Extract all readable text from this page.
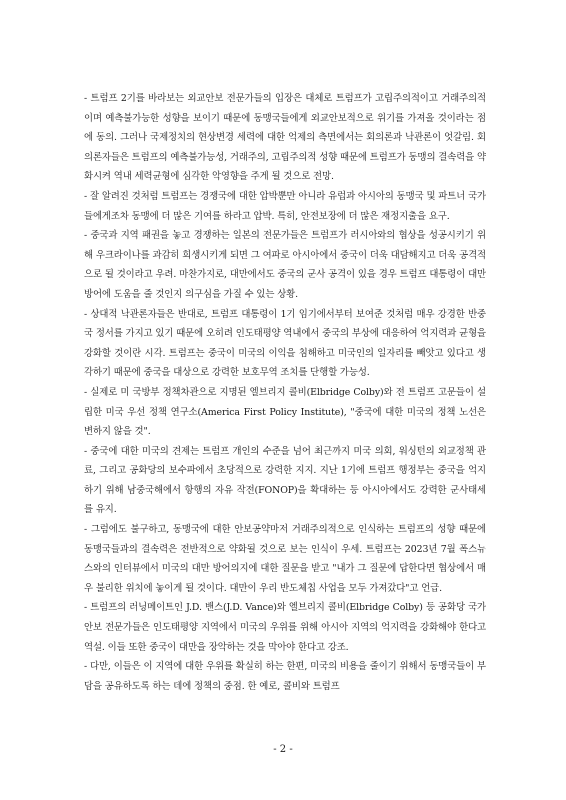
- 트럼프 2기를 바라보는 외교안보 전문가들의 입장은 대체로 트럼프가 고립주의적이고 거래주의적이며 예측불가능한 성향을 보이기 때문에 동맹국들에게 외교안보적으로 위기를 가져올 것이라는 점에 동의. 그러나 국제정치의 현상변경 세력에 대한 억제의 측면에서는 회의론과 낙관론이 엇갈림. 회의론자들은 트럼프의 예측불가능성, 거래주의, 고립주의적 성향 때문에 트럼프가 동맹의 결속력을 약화시켜 역내 세력균형에 심각한 악영향을 주게 될 것으로 전망.

- 잘 알려진 것처럼 트럼프는 경쟁국에 대한 압박뿐만 아니라 유럽과 아시아의 동맹국 및 파트너 국가들에게조차 동맹에 더 많은 기여를 하라고 압박. 특히, 안전보장에 더 많은 재정지출을 요구.

- 중국과 지역 패권을 놓고 경쟁하는 일본의 전문가들은 트럼프가 러시아와의 협상을 성공시키기 위해 우크라이나를 과감히 희생시키게 되면 그 여파로 아시아에서 중국이 더욱 대담해지고 더욱 공격적으로 될 것이라고 우려. 마찬가지로, 대만에서도 중국의 군사 공격이 있을 경우 트럼프 대통령이 대만 방어에 도움을 줄 것인지 의구심을 가질 수 있는 상황.

- 상대적 낙관론자들은 반대로, 트럼프 대통령이 1기 임기에서부터 보여준 것처럼 매우 강경한 반중국 정서를 가지고 있기 때문에 오히려 인도태평양 역내에서 중국의 부상에 대응하여 억지력과 균형을 강화할 것이란 시각. 트럼프는 중국이 미국의 이익을 침해하고 미국인의 일자리를 빼앗고 있다고 생각하기 때문에 중국을 대상으로 강력한 보호무역 조치를 단행할 가능성.

- 실제로 미 국방부 정책차관으로 지명된 엘브리지 콜비(Elbridge Colby)와 전 트럼프 고문들이 설립한 미국 우선 정책 연구소(America First Policy Institute), "중국에 대한 미국의 정책 노선은 변하지 않을 것".

- 중국에 대한 미국의 견제는 트럼프 개인의 수준을 넘어 최근까지 미국 의회, 워싱턴의 외교정책 관료, 그리고 공화당의 보수파에서 초당적으로 강력한 지지. 지난 1기에 트럼프 행정부는 중국을 억지하기 위해 남중국해에서 항행의 자유 작전(FONOP)을 확대하는 등 아시아에서도 강력한 군사태세를 유지.

- 그럼에도 불구하고, 동맹국에 대한 안보공약마저 거래주의적으로 인식하는 트럼프의 성향 때문에 동맹국들과의 결속력은 전반적으로 약화될 것으로 보는 인식이 우세. 트럼프는 2023년 7월 폭스뉴스와의 인터뷰에서 미국의 대만 방어의지에 대한 질문을 받고 "내가 그 질문에 답한다면 협상에서 매우 불리한 위치에 놓이게 될 것이다. 대만이 우리 반도체칩 사업을 모두 가져갔다"고 언급.

- 트럼프의 러닝메이트인 J.D. 밴스(J.D. Vance)와 엘브리지 콜비(Elbridge Colby) 등 공화당 국가안보 전문가들은 인도태평양 지역에서 미국의 우위를 위해 아시아 지역의 억지력을 강화해야 한다고 역설. 이들 또한 중국이 대만을 장악하는 것을 막아야 한다고 강조.

- 다만, 이들은 이 지역에 대한 우위를 확실히 하는 한편, 미국의 비용을 줄이기 위해서 동맹국들이 부담을 공유하도록 하는 데에 정책의 중점. 한 예로, 콜비와 트럼프

- 2 -
